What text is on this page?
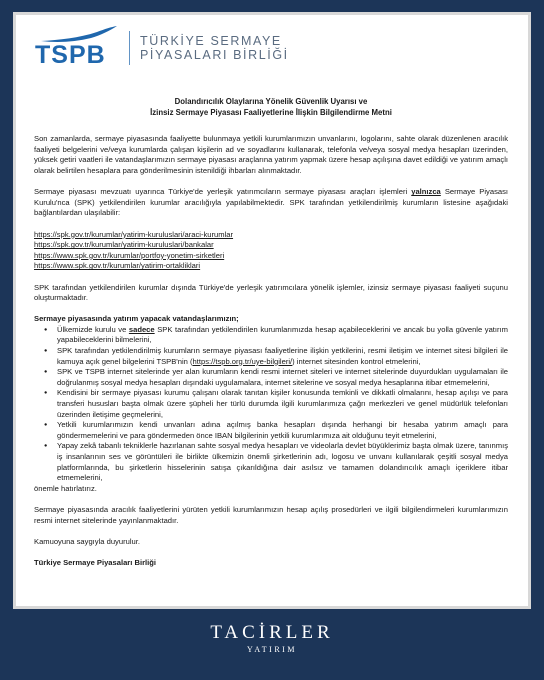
TSPB	TÜRKİYE SERMAYE
PİYASALARI BİRLİĞİ
Dolandırıcılık Olaylarına Yönelik Güvenlik Uyarısı ve
İzinsiz Sermaye Piyasası Faaliyetlerine İlişkin Bilgilendirme Metni
Son zamanlarda, sermaye piyasasında faaliyette bulunmaya yetkili kurumlarımızın unvanlarını, logolarını, sahte olarak düzenlenen aracılık faaliyeti belgelerini ve/veya kurumlarda çalışan kişilerin ad ve soyadlarını kullanarak, telefonla ve/veya sosyal medya hesapları üzerinden, yüksek getiri vaatleri ile vatandaşlarımızın sermaye piyasası araçlarına yatırım yapmak üzere hesap açılışına davet edildiği ve yatırım amaçlı olarak belirtilen hesaplara para gönderilmesinin istenildiği ihbarları alınmaktadır.
Sermaye piyasası mevzuatı uyarınca Türkiye'de yerleşik yatırımcıların sermaye piyasası araçları işlemleri yalnızca Sermaye Piyasası Kurulu'nca (SPK) yetkilendirilen kurumlar aracılığıyla yapılabilmektedir. SPK tarafından yetkilendirilmiş kurumların listesine aşağıdaki bağlantılardan ulaşılabilir:
https://spk.gov.tr/kurumlar/yatirim-kuruluslari/araci-kurumlar
https://spk.gov.tr/kurumlar/yatirim-kuruluslari/bankalar
https://www.spk.gov.tr/kurumlar/portfoy-yonetim-sirketleri
https://www.spk.gov.tr/kurumlar/yatirim-ortakliklari
SPK tarafından yetkilendirilen kurumlar dışında Türkiye'de yerleşik yatırımcılara yönelik işlemler, izinsiz sermaye piyasası faaliyeti suçunu oluşturmaktadır.
Sermaye piyasasında yatırım yapacak vatandaşlarımızın;
● Ülkemizde kurulu ve sadece SPK tarafından yetkilendirilen kurumlarımızda hesap açabileceklerini ve ancak bu yolla güvenle yatırım yapabileceklerini bilmelerini,
● SPK tarafından yetkilendirilmiş kurumların sermaye piyasası faaliyetlerine ilişkin yetkilerini, resmi iletişim ve internet sitesi bilgileri ile kamuya açık genel bilgelerini TSPB'nin (https://tspb.org.tr/uye-bilgileri/) internet sitesinden kontrol etmelerini,
● SPK ve TSPB internet sitelerinde yer alan kurumların kendi resmi internet siteleri ve internet sitelerinde duyurdukları uygulamaları ile doğrulanmış sosyal medya hesapları dışındaki uygulamalara, internet sitelerine ve sosyal medya hesaplarına itibar etmemelerini,
● Kendisini bir sermaye piyasası kurumu çalışanı olarak tanıtan kişiler konusunda temkinli ve dikkatli olmalarını, hesap açılışı ve para transferi hususları başta olmak üzere şüpheli her türlü durumda ilgili kurumlarımıza çağrı merkezleri ve genel müdürlük telefonları üzerinden iletişime geçmelerini,
● Yetkili kurumlarımızın kendi unvanları adına açılmış banka hesapları dışında herhangi bir hesaba yatırım amaçlı para göndermemelerini ve para göndermeden önce IBAN bilgilerinin yetkili kurumlarımıza ait olduğunu teyit etmelerini,
● Yapay zekâ tabanlı tekniklerle hazırlanan sahte sosyal medya hesapları ve videolarla devlet büyüklerimiz başta olmak üzere, tanınmış iş insanlarının ses ve görüntüleri ile birlikte ülkemizin önemli şirketlerinin adı, logosu ve unvanı kullanılarak çeşitli sosyal medya platformlarında, bu şirketlerin hisselerinin satışa çıkarıldığına dair asılsız ve tamamen dolandırıcılık amaçlı içeriklere itibar etmemelerini,
önemle hatırlatırız.
Sermaye piyasasında aracılık faaliyetlerini yürüten yetkili kurumlarımızın hesap açılış prosedürleri ve ilgili bilgilendirmeleri kurumlarımızın resmi internet sitelerinde yayınlanmaktadır.
Kamuoyuna saygıyla duyurulur.
Türkiye Sermaye Piyasaları Birliği
TACİRLER
YATIRIM
